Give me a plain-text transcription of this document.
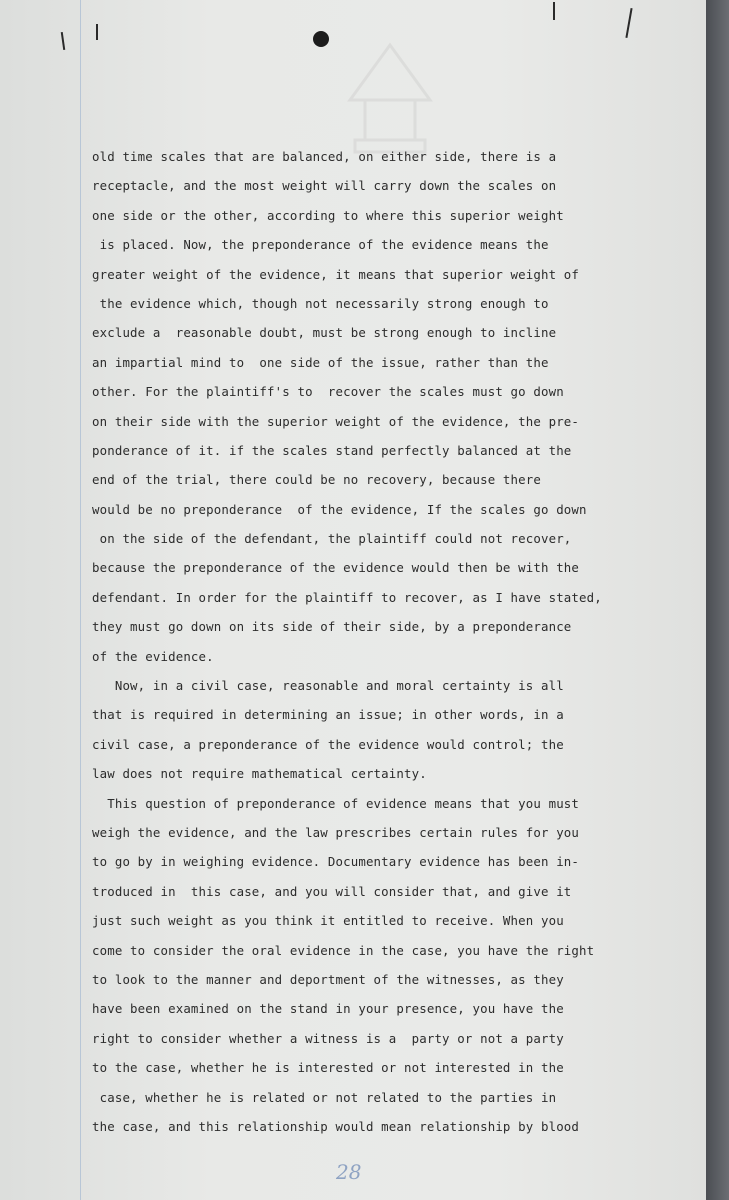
old time scales that are balanced, on either side, there is a
receptacle, and the most weight will carry down the scales on
one side or the other, according to where this superior weight
is placed. Now, the preponderance of the evidence means the
greater weight of the evidence, it means that superior weight of
the evidence which, though not necessarily strong enough to
exclude a  reasonable doubt, must be strong enough to incline
an impartial mind to  one side of the issue, rather than the
other. For the plaintiff's to  recover the scales must go down
on their side with the superior weight of the evidence, the pre-
ponderance of it. if the scales stand perfectly balanced at the
end of the trial, there could be no recovery, because there
would be no preponderance  of the evidence, If the scales go down
on the side of the defendant, the plaintiff could not recover,
because the preponderance of the evidence would then be with the
defendant. In order for the plaintiff to recover, as I have stated,
they must go down on its side of their side, by a preponderance
of the evidence.
Now, in a civil case, reasonable and moral certainty is all
that is required in determining an issue; in other words, in a
civil case, a preponderance of the evidence would control; the
law does not require mathematical certainty.
This question of preponderance of evidence means that you must
weigh the evidence, and the law prescribes certain rules for you
to go by in weighing evidence. Documentary evidence has been in-
troduced in  this case, and you will consider that, and give it
just such weight as you think it entitled to receive. When you
come to consider the oral evidence in the case, you have the right
to look to the manner and deportment of the witnesses, as they
have been examined on the stand in your presence, you have the
right to consider whether a witness is a  party or not a party
to the case, whether he is interested or not interested in the
case, whether he is related or not related to the parties in
the case, and this relationship would mean relationship by blood
28
